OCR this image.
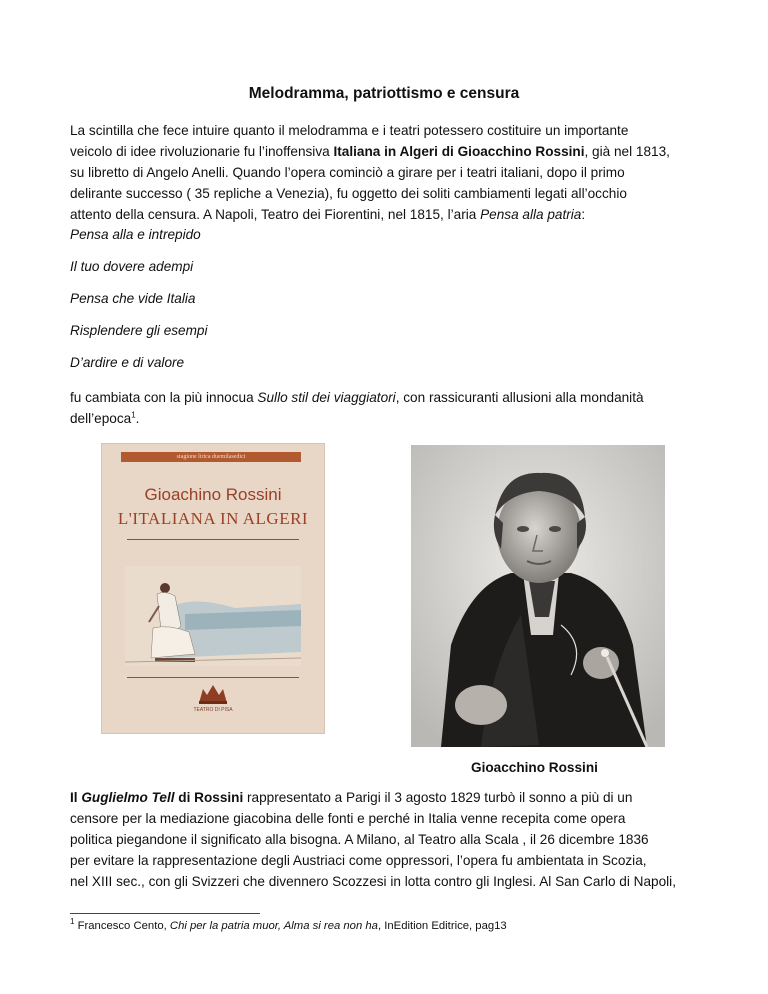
Melodramma, patriottismo e censura
La scintilla che fece intuire quanto il melodramma e i teatri potessero costituire un importante
veicolo di idee rivoluzionarie fu l’inoffensiva Italiana in Algeri di Gioacchino Rossini, già nel 1813,
su libretto di Angelo Anelli. Quando l’opera cominciò a girare per i teatri italiani, dopo il primo
delirante successo ( 35 repliche a Venezia), fu oggetto dei soliti cambiamenti legati all’occhio
attento della censura. A Napoli, Teatro dei Fiorentini, nel 1815, l’aria Pensa alla patria:

Pensa alla e intrepido

Il tuo dovere adempi

Pensa che vide Italia

Risplendere gli esempi

D’ardire e di valore

fu cambiata con la più innocua Sullo stil dei viaggiatori, con rassicuranti allusioni alla mondanità
dell’epoca$^1$.
stagione lirica duemilasedici
Gioachino Rossini
L'ITALIANA IN ALGERI
TEATRO DI PISA
Gioacchino Rossini
Il Guglielmo Tell di Rossini rappresentato a Parigi il 3 agosto 1829 turbò il sonno a più di un
censore per la mediazione giacobina delle fonti e perché in Italia venne recepita come opera
politica piegandone il significato alla bisogna. A Milano, al Teatro alla Scala , il 26 dicembre 1836
per evitare la rappresentazione degli Austriaci come oppressori, l’opera fu ambientata in Scozia,
nel XIII sec., con gli Svizzeri che divennero Scozzesi in lotta contro gli Inglesi. Al San Carlo di Napoli,
$^1$ Francesco Cento, Chi per la patria muor, Alma si rea non ha, InEdition Editrice, pag13
